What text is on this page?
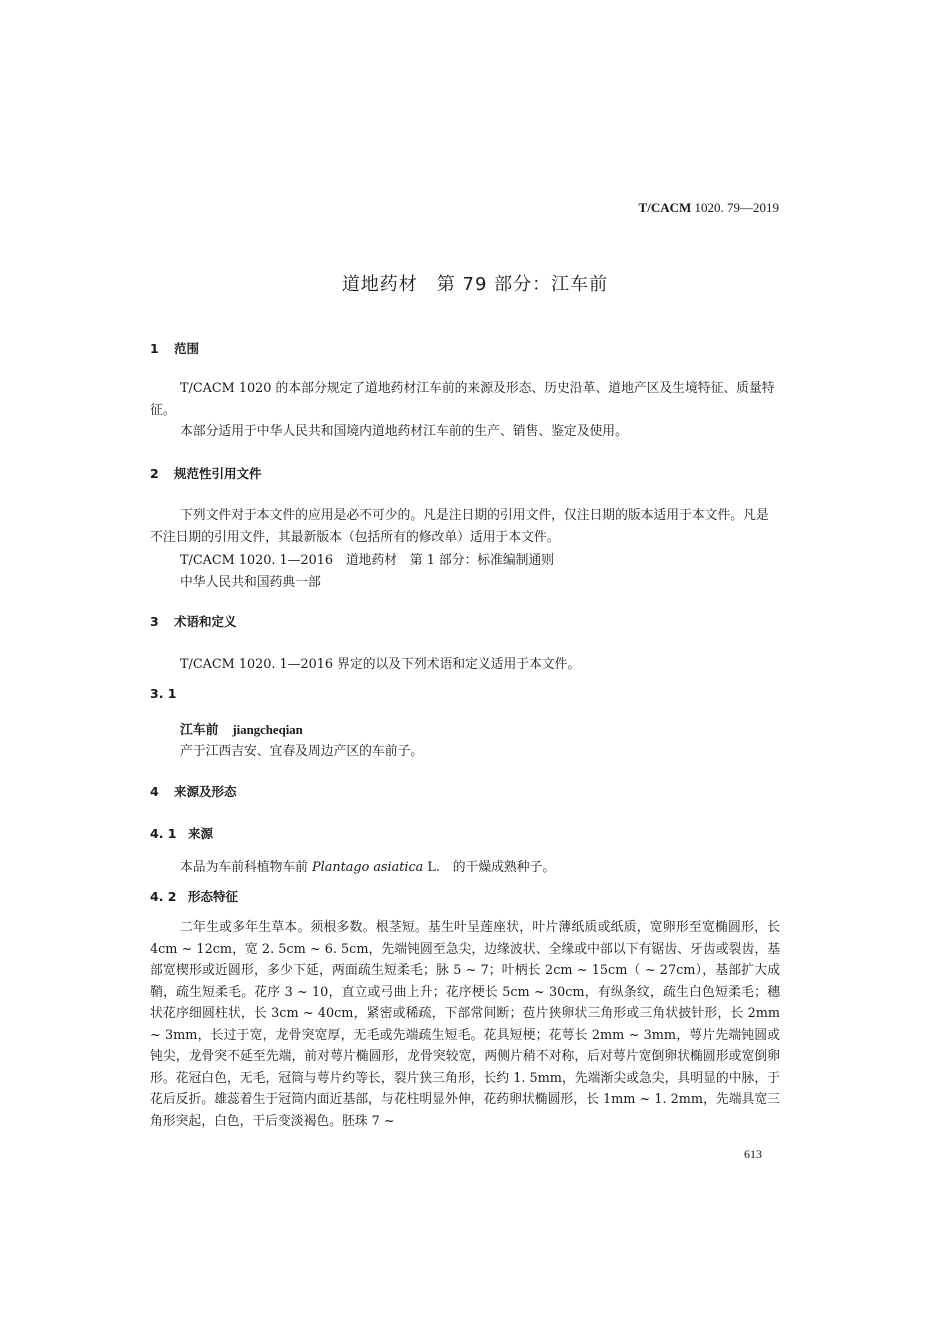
T/CACM 1020. 79—2019
道地药材　第 79 部分：江车前
1 范围
T/CACM 1020 的本部分规定了道地药材江车前的来源及形态、历史沿革、道地产区及生境特征、质量特征。
本部分适用于中华人民共和国境内道地药材江车前的生产、销售、鉴定及使用。
2 规范性引用文件
下列文件对于本文件的应用是必不可少的。凡是注日期的引用文件，仅注日期的版本适用于本文件。凡是不注日期的引用文件，其最新版本（包括所有的修改单）适用于本文件。
T/CACM 1020. 1—2016　道地药材　第 1 部分：标准编制通则
中华人民共和国药典一部
3 术语和定义
T/CACM 1020. 1—2016 界定的以及下列术语和定义适用于本文件。
3. 1
江车前 jiangcheqian
产于江西吉安、宜春及周边产区的车前子。
4 来源及形态
4. 1 来源
本品为车前科植物车前 Plantago asiatica L.　的干燥成熟种子。
4. 2 形态特征
二年生或多年生草本。须根多数。根茎短。基生叶呈莲座状，叶片薄纸质或纸质，宽卵形至宽椭圆形，长 4cm ~ 12cm，宽 2. 5cm ~ 6. 5cm，先端钝圆至急尖，边缘波状、全缘或中部以下有锯齿、牙齿或裂齿，基部宽楔形或近圆形，多少下延，两面疏生短柔毛；脉 5 ~ 7；叶柄长 2cm ~ 15cm（ ~ 27cm），基部扩大成鞘，疏生短柔毛。花序 3 ~ 10，直立或弓曲上升；花序梗长 5cm ~ 30cm，有纵条纹，疏生白色短柔毛；穗状花序细圆柱状，长 3cm ~ 40cm，紧密或稀疏，下部常间断；苞片狭卵状三角形或三角状披针形，长 2mm ~ 3mm，长过于宽，龙骨突宽厚，无毛或先端疏生短毛。花具短梗；花萼长 2mm ~ 3mm，萼片先端钝圆或钝尖，龙骨突不延至先端，前对萼片椭圆形，龙骨突较宽，两侧片稍不对称，后对萼片宽倒卵状椭圆形或宽倒卵形。花冠白色，无毛，冠筒与萼片约等长，裂片狭三角形，长约 1. 5mm，先端渐尖或急尖，具明显的中脉，于花后反折。雄蕊着生于冠筒内面近基部，与花柱明显外伸，花药卵状椭圆形，长 1mm ~ 1. 2mm，先端具宽三角形突起，白色，干后变淡褐色。胚珠 7 ~
613
